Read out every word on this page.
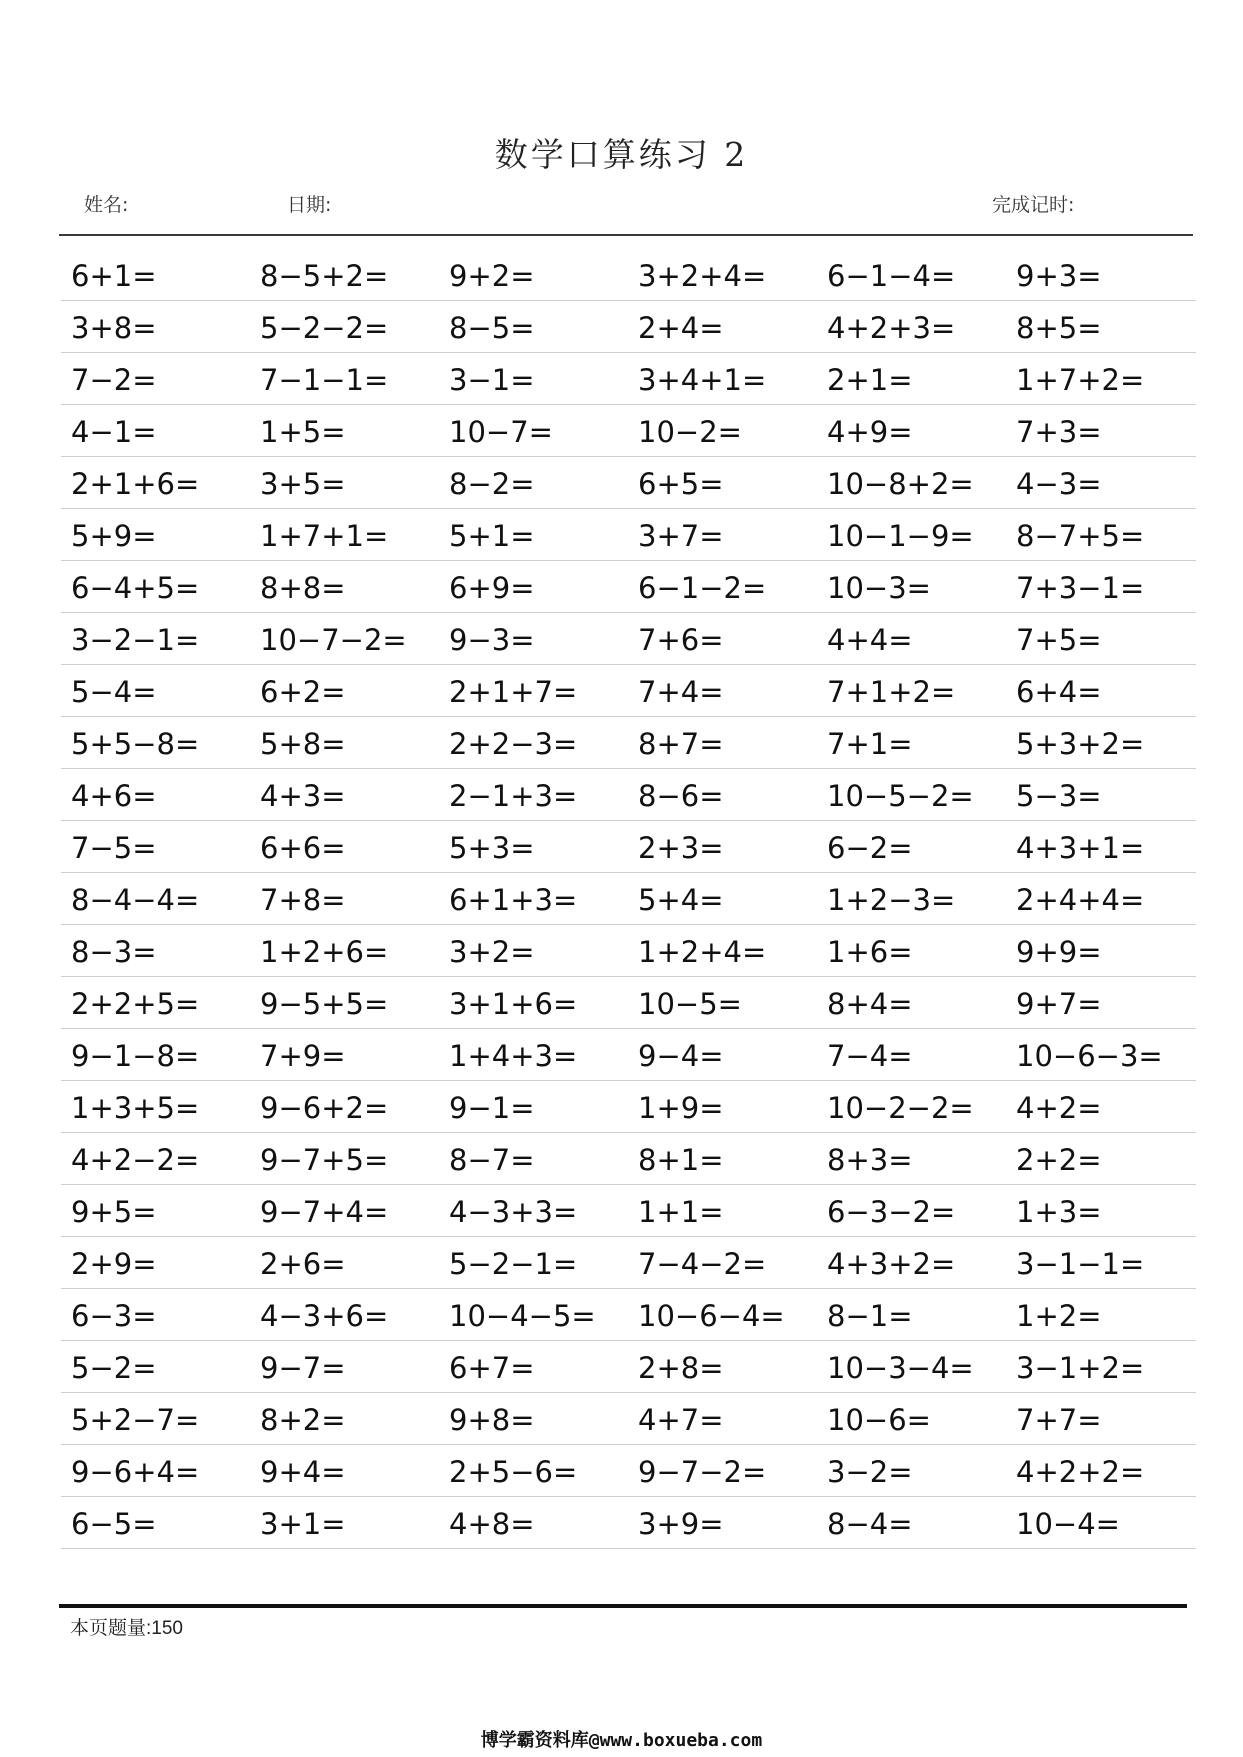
数学口算练习 2
姓名:	日期:	完成记时:
6+1=	8−5+2= 9+2=	3+2+4= 6−1−4= 9+3=
3+8=	5−2−2= 8−5=	2+4=	4+2+3= 8+5=
7−2=	7−1−1= 3−1=	3+4+1= 2+1=	1+7+2=
4−1=	1+5=	10−7=	10−2=	4+9=	7+3=
2+1+6= 3+5=	8−2=	6+5=	10−8+2= 4−3=
5+9=	1+7+1= 5+1=	3+7=	10−1−9= 8−7+5=
6−4+5= 8+8=	6+9=	6−1−2= 10−3=	7+3−1=
3−2−1= 10−7−2= 9−3=	7+6=	4+4=	7+5=
5−4=	6+2=	2+1+7= 7+4=	7+1+2= 6+4=
5+5−8= 5+8=	2+2−3= 8+7=	7+1=	5+3+2=
4+6=	4+3=	2−1+3= 8−6=	10−5−2= 5−3=
7−5=	6+6=	5+3=	2+3=	6−2=	4+3+1=
8−4−4= 7+8=	6+1+3= 5+4=	1+2−3= 2+4+4=
8−3=	1+2+6= 3+2=	1+2+4= 1+6=	9+9=
2+2+5= 9−5+5= 3+1+6= 10−5=	8+4=	9+7=
9−1−8= 7+9=	1+4+3= 9−4=	7−4=	10−6−3=
1+3+5= 9−6+2= 9−1=	1+9=	10−2−2= 4+2=
4+2−2= 9−7+5= 8−7=	8+1=	8+3=	2+2=
9+5=	9−7+4= 4−3+3= 1+1=	6−3−2= 1+3=
2+9=	2+6=	5−2−1= 7−4−2= 4+3+2= 3−1−1=
6−3=	4−3+6= 10−4−5= 10−6−4= 8−1=	1+2=
5−2=	9−7=	6+7=	2+8=	10−3−4= 3−1+2=
5+2−7= 8+2=	9+8=	4+7=	10−6=	7+7=
9−6+4= 9+4=	2+5−6= 9−7−2= 3−2=	4+2+2=
6−5=	3+1=	4+8=	3+9=	8−4=	10−4=
本页题量:150
博学霸资料库@www.boxueba.com
